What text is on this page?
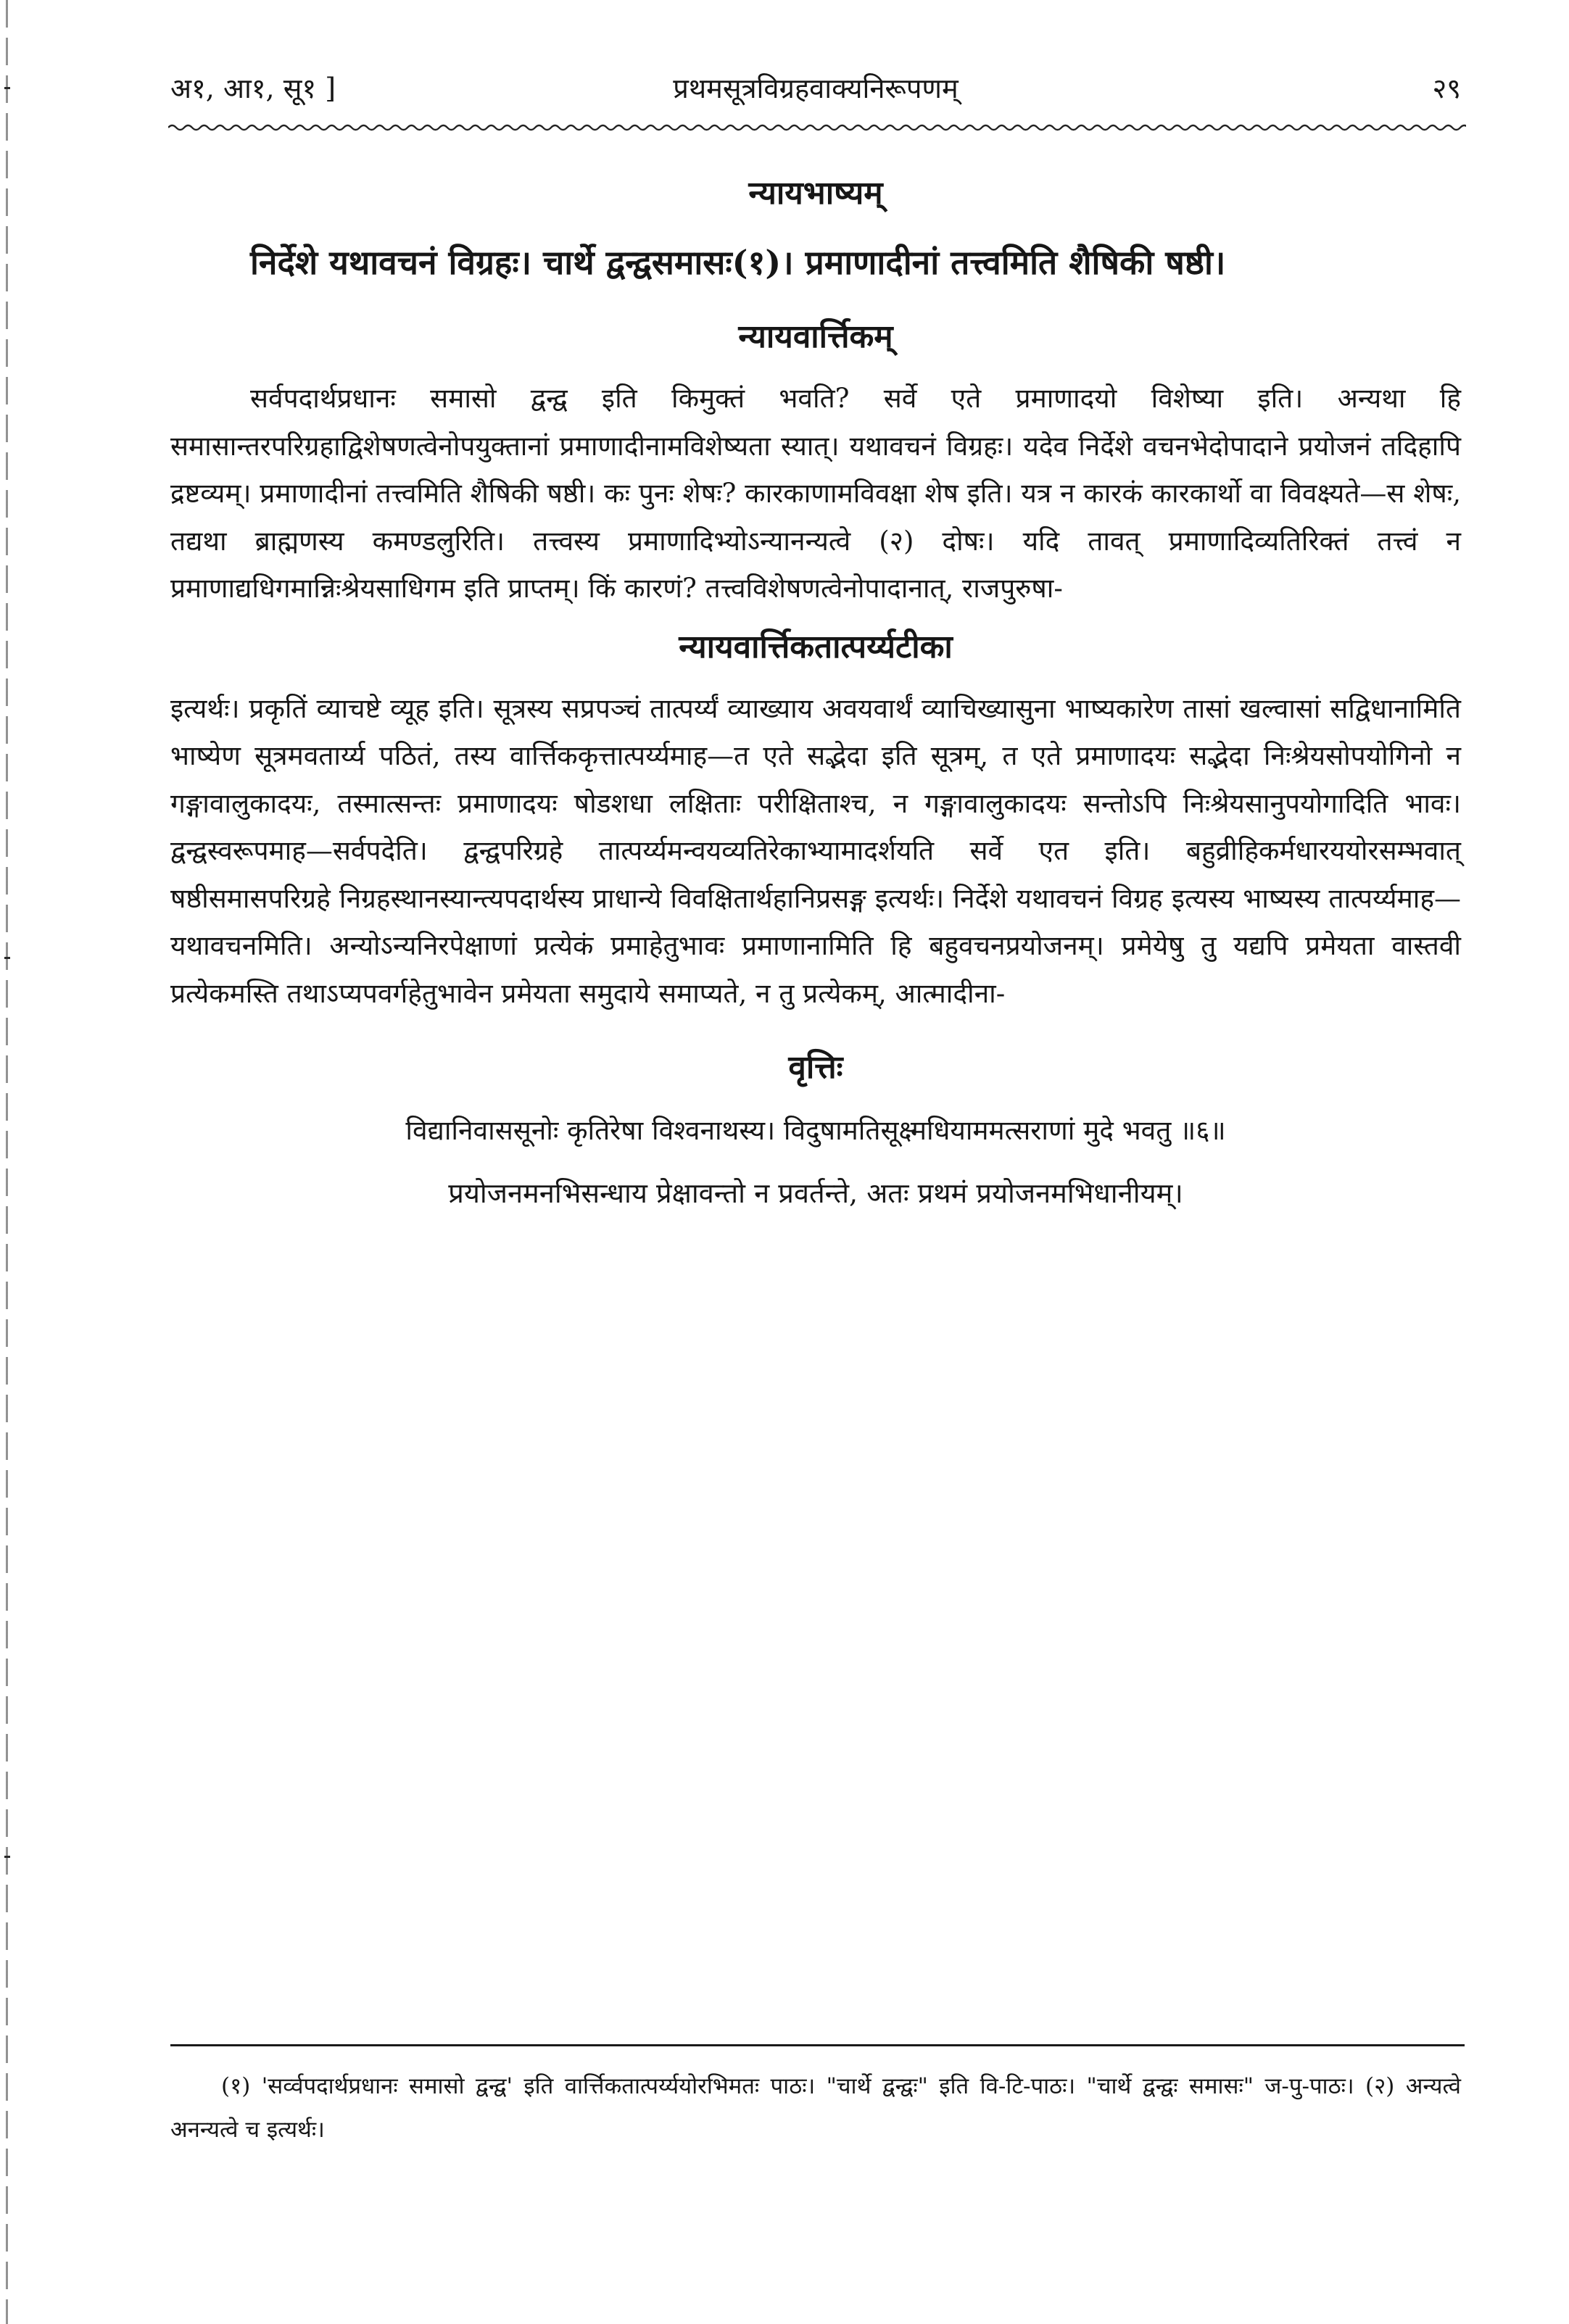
अ१, आ१, सू१ ]	प्रथमसूत्रविग्रहवाक्यनिरूपणम्	२९
न्यायभाष्यम्

निर्देशे यथावचनं विग्रहः। चार्थे द्वन्द्वसमासः(१)। प्रमाणादीनां तत्त्वमिति शैषिकी षष्ठी।

न्यायवार्त्तिकम्

सर्वपदार्थप्रधानः समासो द्वन्द्व इति किमुक्तं भवति? सर्वे एते प्रमाणादयो विशेष्या इति। अन्यथा हि समासान्तरपरिग्रहाद्विशेषणत्वेनोपयुक्तानां प्रमाणादीनामविशेष्यता स्यात्। यथावचनं विग्रहः। यदेव निर्देशे वचनभेदोपादाने प्रयोजनं तदिहापि द्रष्टव्यम्। प्रमाणादीनां तत्त्वमिति शैषिकी षष्ठी। कः पुनः शेषः? कारकाणामविवक्षा शेष इति। यत्र न कारकं कारकार्थो वा विवक्ष्यते—स शेषः, तद्यथा ब्राह्मणस्य कमण्डलुरिति। तत्त्वस्य प्रमाणादिभ्योऽन्यानन्यत्वे (२) दोषः। यदि तावत् प्रमाणादिव्यतिरिक्तं तत्त्वं न प्रमाणाद्यधिगमान्निःश्रेयसाधिगम इति प्राप्तम्। किं कारणं? तत्त्वविशेषणत्वेनोपादानात्, राजपुरुषा-

न्यायवार्त्तिकतात्पर्य्यटीका

इत्यर्थः। प्रकृतिं व्याचष्टे व्यूह इति। सूत्रस्य सप्रपञ्चं तात्पर्य्यं व्याख्याय अवयवार्थं व्याचिख्यासुना भाष्यकारेण तासां खल्वासां सद्विधानामिति भाष्येण सूत्रमवतार्य्य पठितं, तस्य वार्त्तिककृत्तात्पर्य्यमाह—त एते सद्भेदा इति सूत्रम्, त एते प्रमाणादयः सद्भेदा निःश्रेयसोपयोगिनो न गङ्गावालुकादयः, तस्मात्सन्तः प्रमाणादयः षोडशधा लक्षिताः परीक्षिताश्च, न गङ्गावालुकादयः सन्तोऽपि निःश्रेयसानुपयोगादिति भावः। द्वन्द्वस्वरूपमाह—सर्वपदेति। द्वन्द्वपरिग्रहे तात्पर्य्यमन्वयव्यतिरेकाभ्यामादर्शयति सर्वे एत इति। बहुव्रीहिकर्मधारययोरसम्भवात् षष्ठीसमासपरिग्रहे निग्रहस्थानस्यान्त्यपदार्थस्य प्राधान्ये विवक्षितार्थहानिप्रसङ्ग इत्यर्थः। निर्देशे यथावचनं विग्रह इत्यस्य भाष्यस्य तात्पर्य्यमाह—यथावचनमिति। अन्योऽन्यनिरपेक्षाणां प्रत्येकं प्रमाहेतुभावः प्रमाणानामिति हि बहुवचनप्रयोजनम्। प्रमेयेषु तु यद्यपि प्रमेयता वास्तवी प्रत्येकमस्ति तथाऽप्यपवर्गहेतुभावेन प्रमेयता समुदाये समाप्यते, न तु प्रत्येकम्, आत्मादीना-

वृत्तिः

विद्यानिवाससूनोः कृतिरेषा विश्वनाथस्य। विदुषामतिसूक्ष्मधियाममत्सराणां मुदे भवतु ॥६॥

प्रयोजनमनभिसन्धाय प्रेक्षावन्तो न प्रवर्तन्ते, अतः प्रथमं प्रयोजनमभिधानीयम्।

(१) 'सर्व्वपदार्थप्रधानः समासो द्वन्द्व' इति वार्त्तिकतात्पर्य्ययोरभिमतः पाठः। "चार्थे द्वन्द्वः" इति वि-टि-पाठः। "चार्थे द्वन्द्वः समासः" ज-पु-पाठः। (२) अन्यत्वे अनन्यत्वे च इत्यर्थः।
